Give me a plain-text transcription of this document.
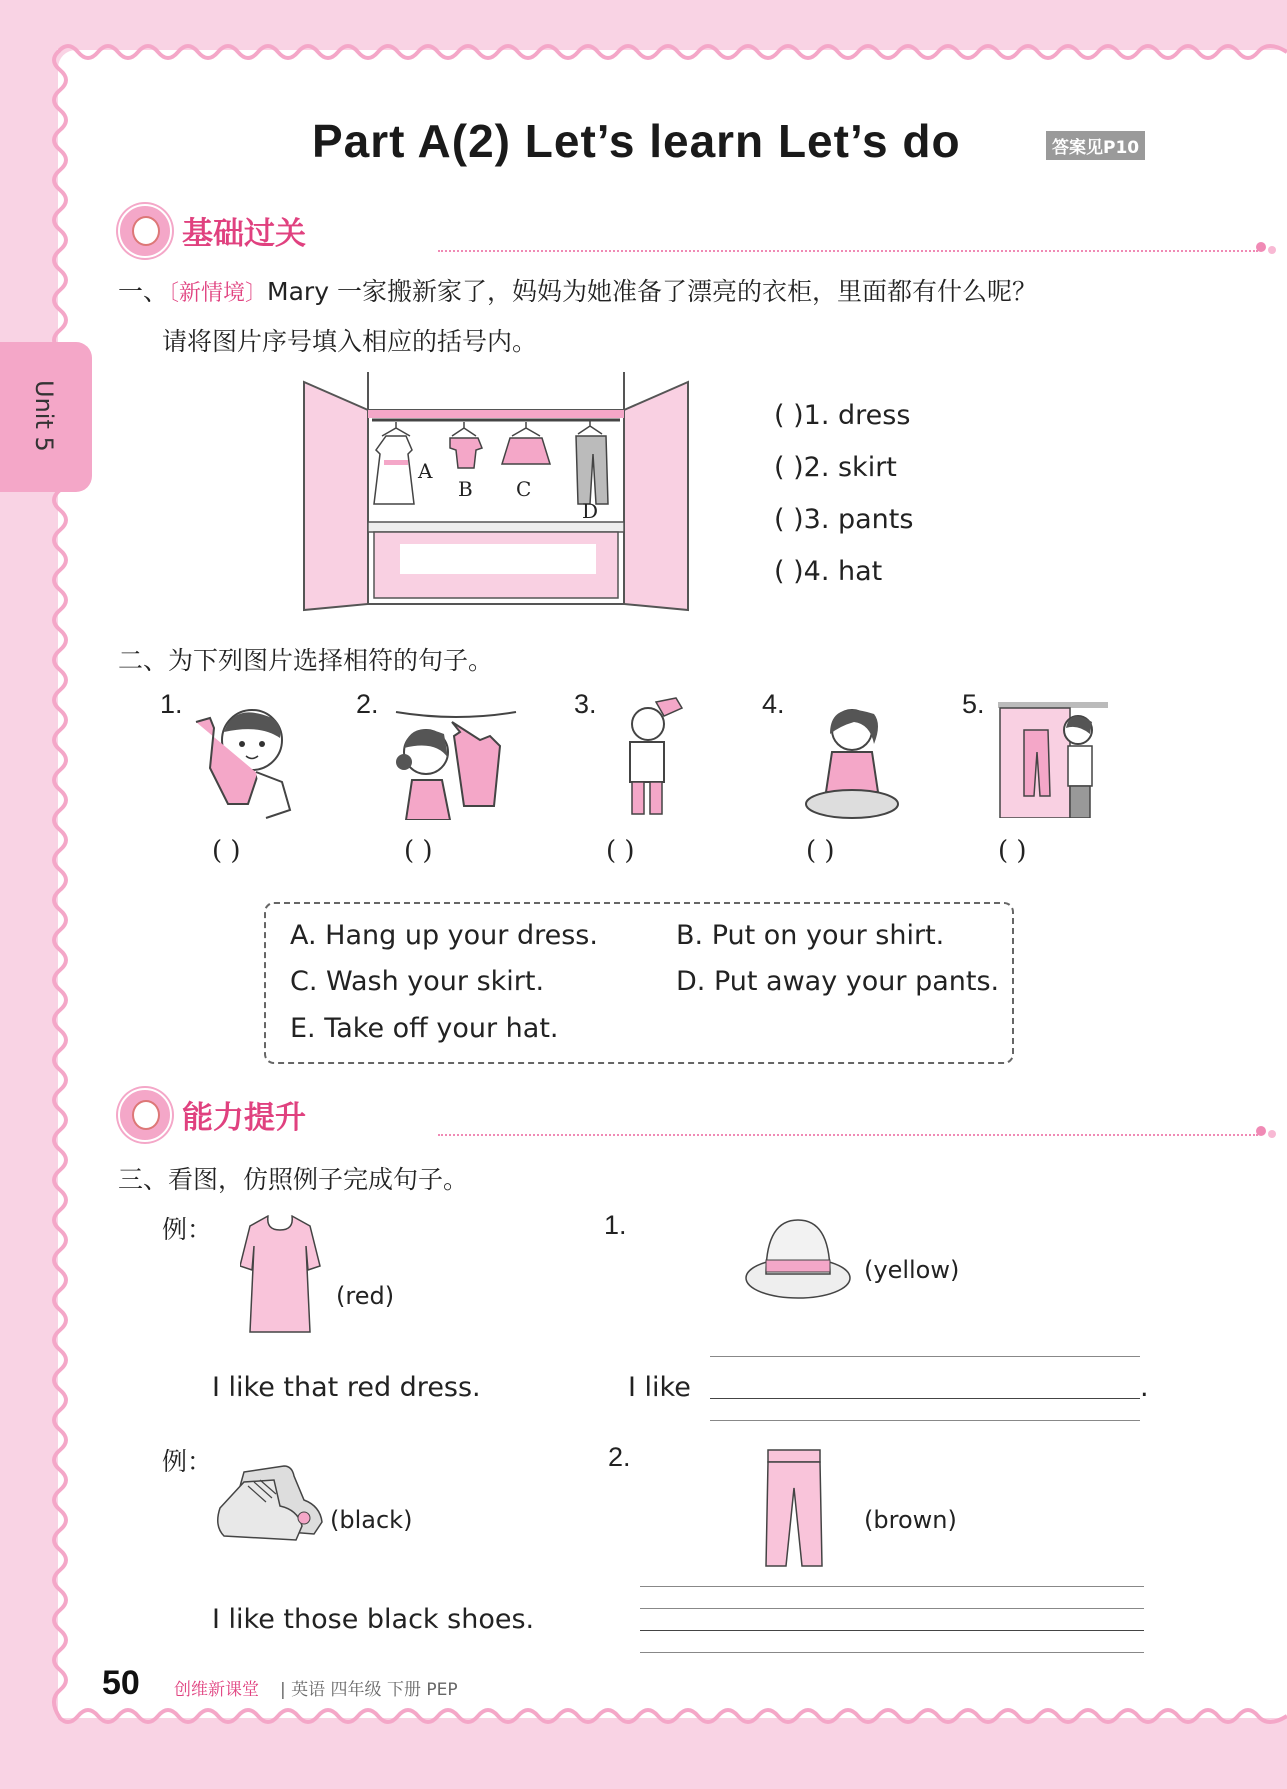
Unit 5
Part A(2) Let’s learn Let’s do	答案见P10
基础过关
一、〔新情境〕Mary 一家搬新家了，妈妈为她准备了漂亮的衣柜，里面都有什么呢？
请将图片序号填入相应的括号内。
A
B C
D
( )1. dress
( )2. skirt
( )3. pants
( )4. hat
二、为下列图片选择相符的句子。
1.	2.	3.	4.	5.
( )	( )	( )	( )	( )
A. Hang up your dress.	B. Put on your shirt.
C. Wash your skirt.	D. Put away your pants.
E. Take off your hat.
能力提升
三、看图，仿照例子完成句子。
例：
(red)
I like that red dress.
1.
(yellow)
I like	.
例：
(black)
I like those black shoes.
2.
(brown)
50 创维新课堂 | 英语 四年级 下册 PEP
